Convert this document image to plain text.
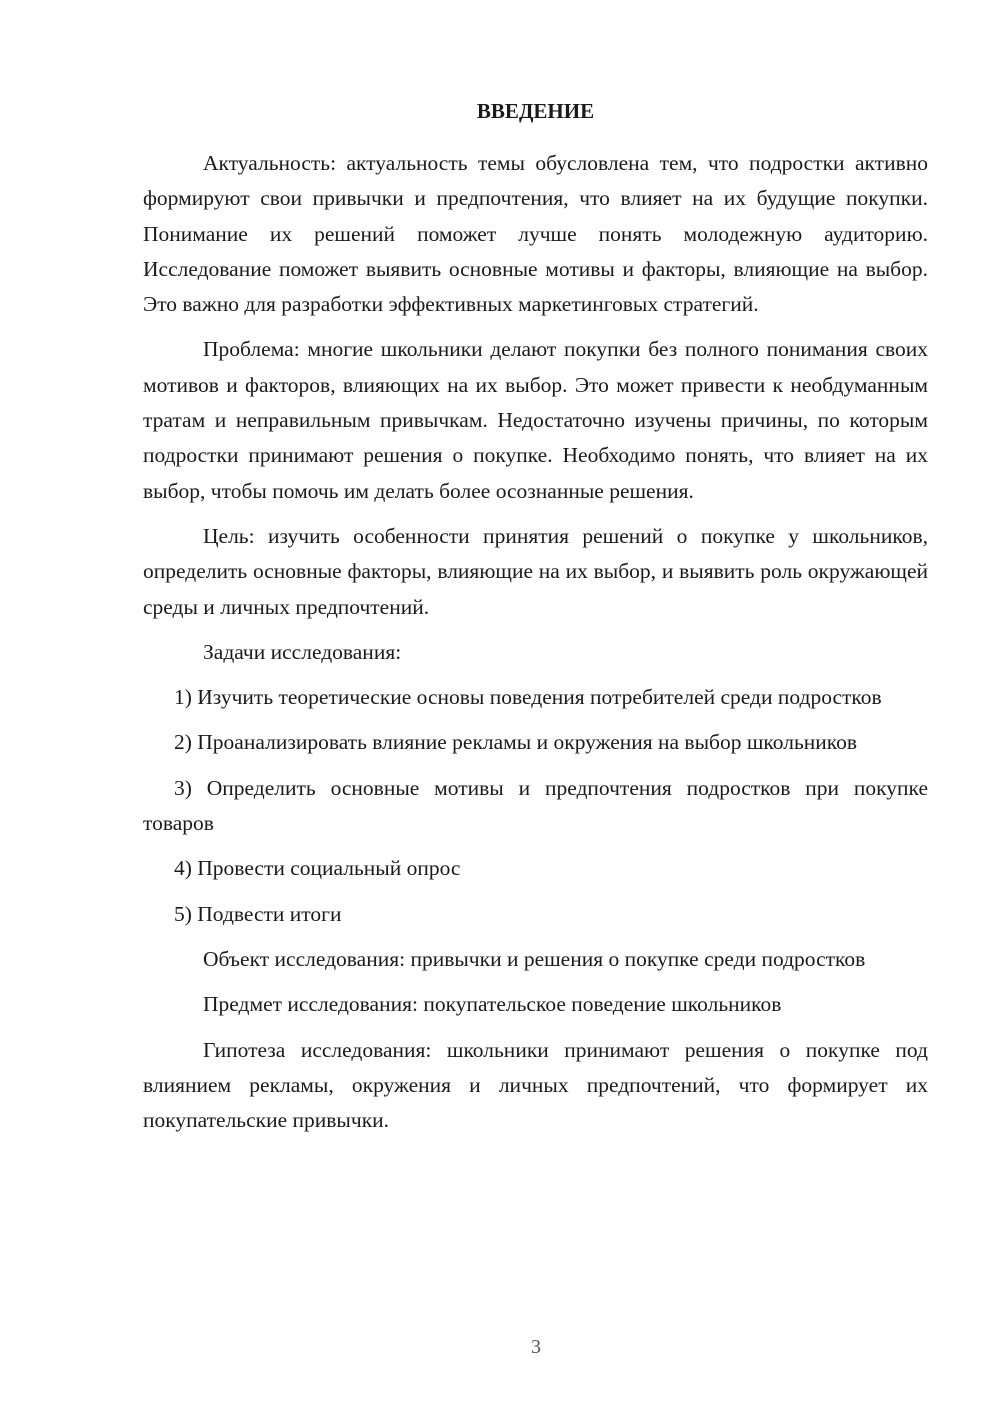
ВВЕДЕНИЕ

Актуальность: актуальность темы обусловлена тем, что подростки активно формируют свои привычки и предпочтения, что влияет на их будущие покупки. Понимание их решений поможет лучше понять молодежную аудиторию. Исследование поможет выявить основные мотивы и факторы, влияющие на выбор. Это важно для разработки эффективных маркетинговых стратегий.

Проблема: многие школьники делают покупки без полного понимания своих мотивов и факторов, влияющих на их выбор. Это может привести к необдуманным тратам и неправильным привычкам. Недостаточно изучены причины, по которым подростки принимают решения о покупке. Необходимо понять, что влияет на их выбор, чтобы помочь им делать более осознанные решения.

Цель: изучить особенности принятия решений о покупке у школьников, определить основные факторы, влияющие на их выбор, и выявить роль окружающей среды и личных предпочтений.

Задачи исследования:

1) Изучить теоретические основы поведения потребителей среди подростков

2) Проанализировать влияние рекламы и окружения на выбор школьников

3) Определить основные мотивы и предпочтения подростков при покупке товаров

4) Провести социальный опрос

5) Подвести итоги

Объект исследования: привычки и решения о покупке среди подростков

Предмет исследования: покупательское поведение школьников

Гипотеза исследования: школьники принимают решения о покупке под влиянием рекламы, окружения и личных предпочтений, что формирует их покупательские привычки.

3
